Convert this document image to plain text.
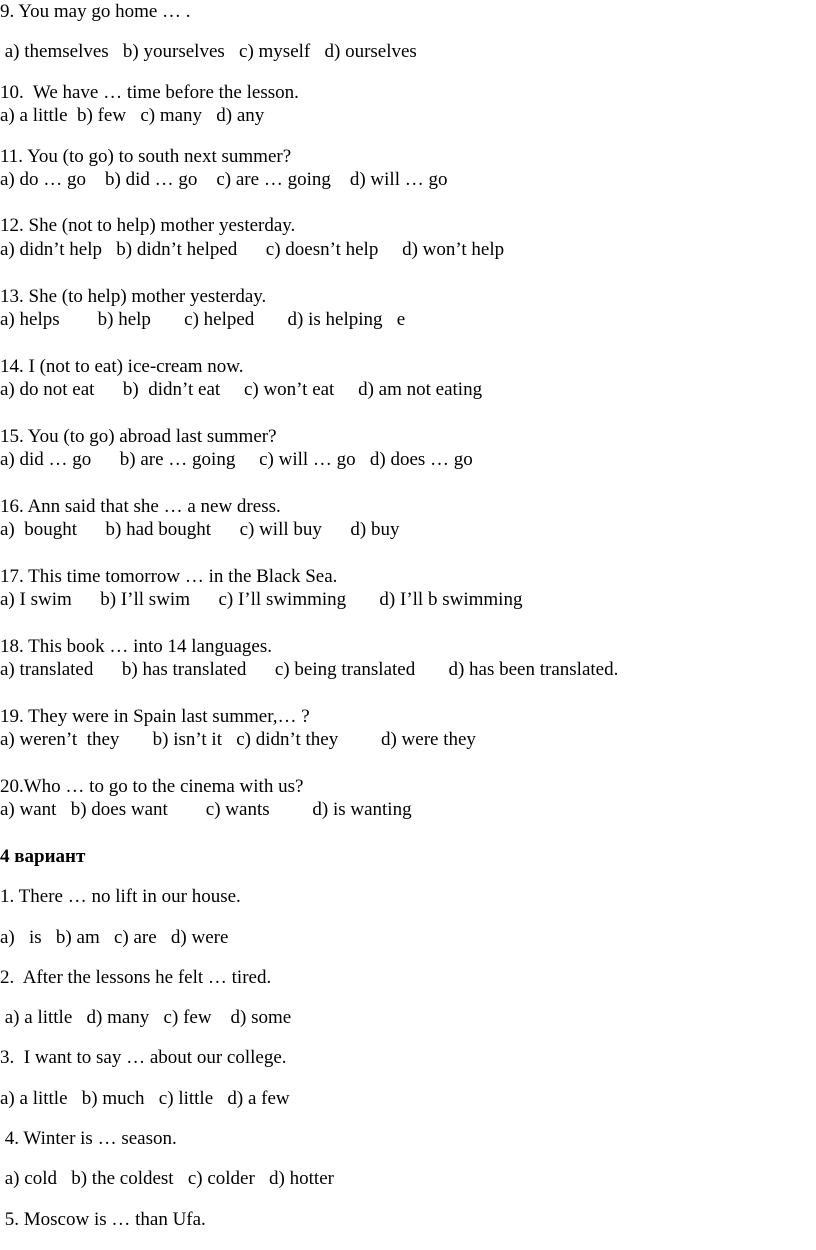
9. You may go home … .
a) themselves   b) yourselves   c) myself   d) ourselves
10.  We have … time before the lesson.
a) a little  b) few   c) many   d) any
11. You (to go) to south next summer?
a) do … go    b) did … go    c) are … going    d) will … go
12. She (not to help) mother yesterday.
a) didn’t help   b) didn’t helped      c) doesn’t help     d) won’t help
13. She (to help) mother yesterday.
a) helps        b) help       c) helped       d) is helping   e
14. I (not to eat) ice-cream now.
a) do not eat      b)  didn’t eat     c) won’t eat     d) am not eating
15. You (to go) abroad last summer?
a) did … go      b) are … going     c) will … go   d) does … go
16. Ann said that she … a new dress.
a)  bought      b) had bought      c) will buy      d) buy
17. This time tomorrow … in the Black Sea.
a) I swim      b) I’ll swim      c) I’ll swimming       d) I’ll b swimming
18. This book … into 14 languages.
a) translated      b) has translated      c) being translated       d) has been translated.
19. They were in Spain last summer,… ?
a) weren’t  they       b) isn’t it   c) didn’t they         d) were they
20.Who … to go to the cinema with us?
a) want   b) does want        c) wants         d) is wanting
4 вариант
1. There … no lift in our house.
a)   is   b) am   c) are   d) were
2.  After the lessons he felt … tired.
a) a little   d) many   c) few    d) some
3.  I want to say … about our college.
a) a little   b) much   c) little   d) a few
4. Winter is … season.
a) cold   b) the coldest   c) colder   d) hotter
5. Moscow is … than Ufa.
